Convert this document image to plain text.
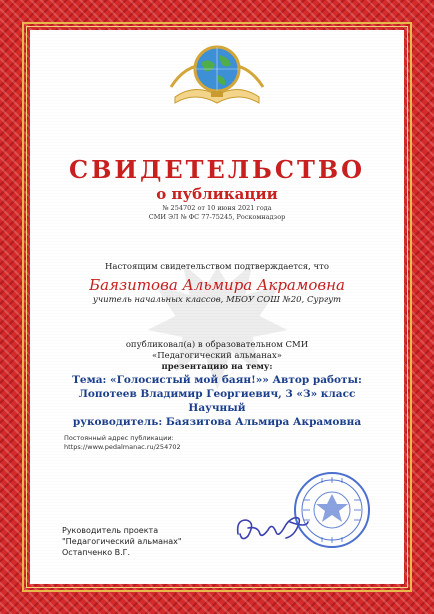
СВИДЕТЕЛЬСТВО
о публикации
№ 254702 от 10 июня 2021 года
СМИ ЭЛ № ФС 77-75245, Роскомнадзор
Настоящим свидетельством подтверждается, что
Баязитова Альмира Акрамовна
учитель начальных классов, МБОУ СОШ №20, Сургут
опубликовал(а) в образовательном СМИ
«Педагогический альманах»
презентацию на тему:
Тема: «Голосистый мой баян!»» Автор работы:
Лопотеев Владимир Георгиевич, 3 «З» класс Научный
руководитель: Баязитова Альмира Акрамовна
Постоянный адрес публикации:
https://www.pedalmanac.ru/254702
Руководитель проекта
"Педагогический альманах"
Остапченко В.Г.
